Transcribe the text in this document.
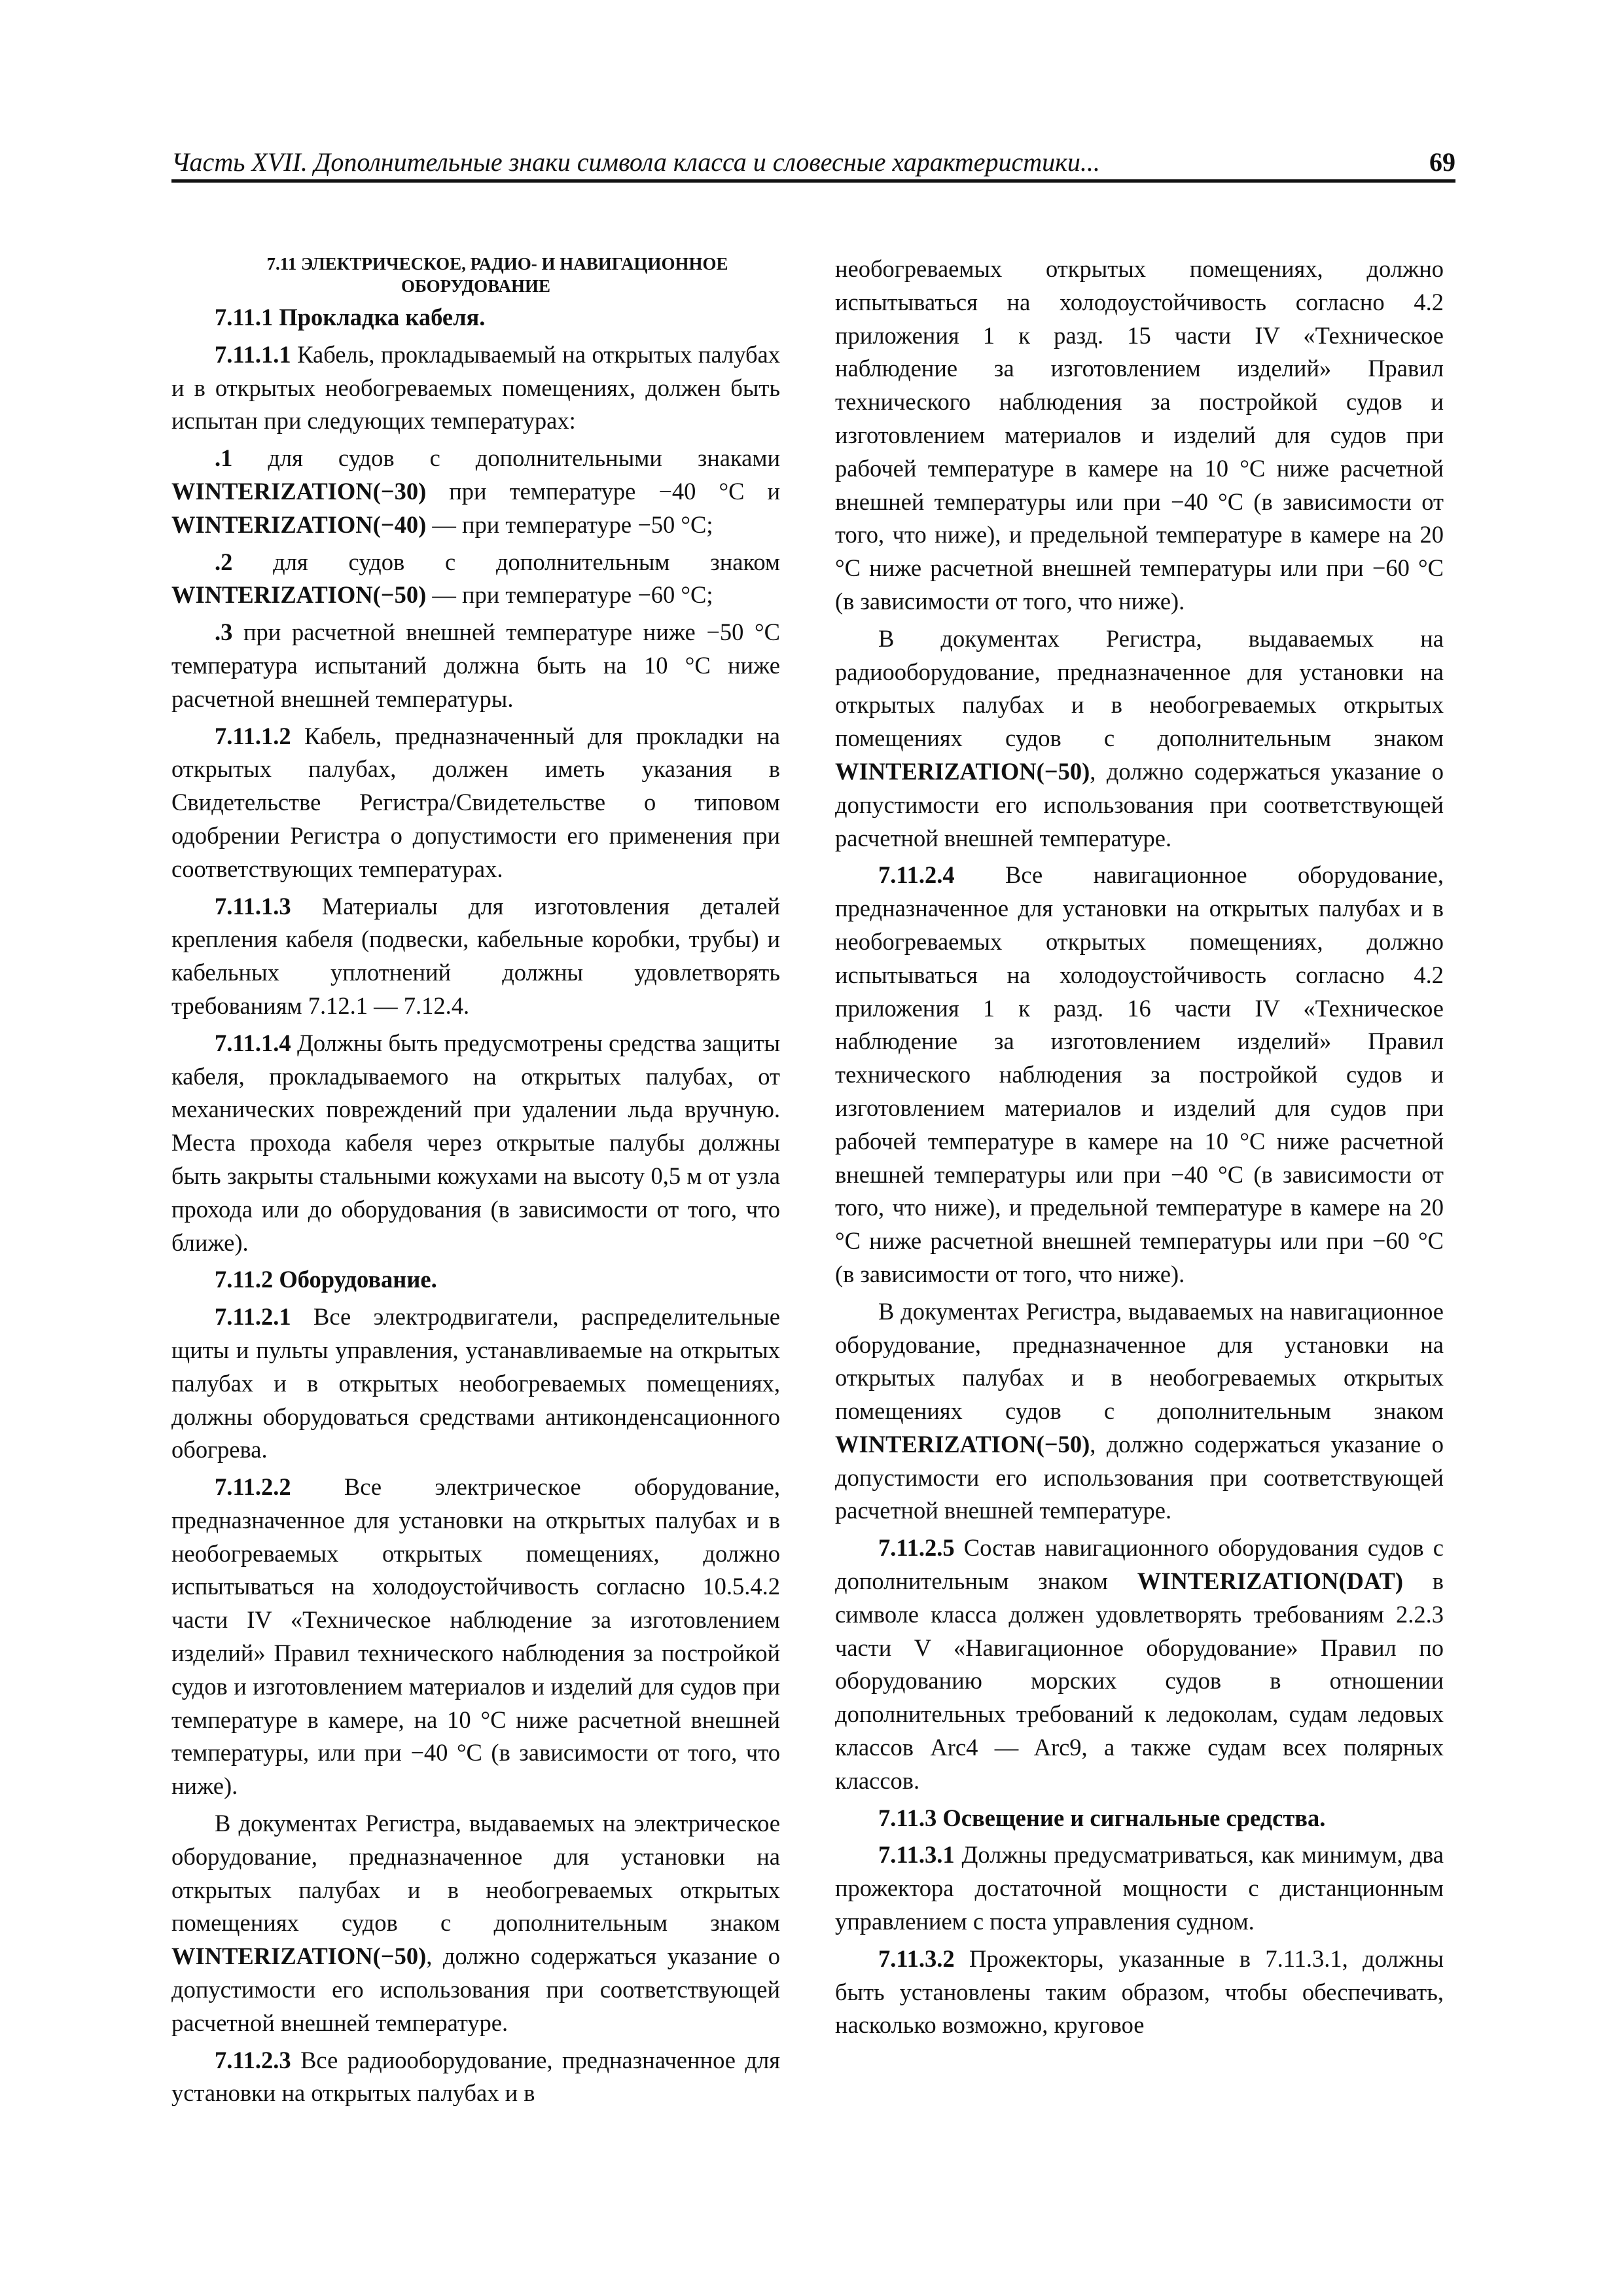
Часть XVII. Дополнительные знаки символа класса и словесные характеристики...	69

7.11 ЭЛЕКТРИЧЕСКОЕ, РАДИО- И НАВИГАЦИОННОЕ ОБОРУДОВАНИЕ

7.11.1 Прокладка кабеля.

7.11.1.1 Кабель, прокладываемый на открытых палубах и в открытых необогреваемых помещениях, должен быть испытан при следующих температурах:

.1 для судов с дополнительными знаками WINTERIZATION(−30) при температуре −40 °С и WINTERIZATION(−40) — при температуре −50 °С;

.2 для судов с дополнительным знаком WINTERIZATION(−50) — при температуре −60 °С;

.3 при расчетной внешней температуре ниже −50 °С температура испытаний должна быть на 10 °С ниже расчетной внешней температуры.

7.11.1.2 Кабель, предназначенный для прокладки на открытых палубах, должен иметь указания в Свидетельстве Регистра/Свидетельстве о типовом одобрении Регистра о допустимости его применения при соответствующих температурах.

7.11.1.3 Материалы для изготовления деталей крепления кабеля (подвески, кабельные коробки, трубы) и кабельных уплотнений должны удовлетворять требованиям 7.12.1 — 7.12.4.

7.11.1.4 Должны быть предусмотрены средства защиты кабеля, прокладываемого на открытых палубах, от механических повреждений при удалении льда вручную. Места прохода кабеля через открытые палубы должны быть закрыты стальными кожухами на высоту 0,5 м от узла прохода или до оборудования (в зависимости от того, что ближе).

7.11.2 Оборудование.

7.11.2.1 Все электродвигатели, распределительные щиты и пульты управления, устанавливаемые на открытых палубах и в открытых необогреваемых помещениях, должны оборудоваться средствами антиконденсационного обогрева.

7.11.2.2 Все электрическое оборудование, предназначенное для установки на открытых палубах и в необогреваемых открытых помещениях, должно испытываться на холодоустойчивость согласно 10.5.4.2 части IV «Техническое наблюдение за изготовлением изделий» Правил технического наблюдения за постройкой судов и изготовлением материалов и изделий для судов при температуре в камере, на 10 °С ниже расчетной внешней температуры, или при −40 °С (в зависимости от того, что ниже).

В документах Регистра, выдаваемых на электрическое оборудование, предназначенное для установки на открытых палубах и в необогреваемых открытых помещениях судов с дополнительным знаком WINTERIZATION(−50), должно содержаться указание о допустимости его использования при соответствующей расчетной внешней температуре.

7.11.2.3 Все радиооборудование, предназначенное для установки на открытых палубах и в

необогреваемых открытых помещениях, должно испытываться на холодоустойчивость согласно 4.2 приложения 1 к разд. 15 части IV «Техническое наблюдение за изготовлением изделий» Правил технического наблюдения за постройкой судов и изготовлением материалов и изделий для судов при рабочей температуре в камере на 10 °С ниже расчетной внешней температуры или при −40 °С (в зависимости от того, что ниже), и предельной температуре в камере на 20 °С ниже расчетной внешней температуры или при −60 °С (в зависимости от того, что ниже).

В документах Регистра, выдаваемых на радиооборудование, предназначенное для установки на открытых палубах и в необогреваемых открытых помещениях судов с дополнительным знаком WINTERIZATION(−50), должно содержаться указание о допустимости его использования при соответствующей расчетной внешней температуре.

7.11.2.4 Все навигационное оборудование, предназначенное для установки на открытых палубах и в необогреваемых открытых помещениях, должно испытываться на холодоустойчивость согласно 4.2 приложения 1 к разд. 16 части IV «Техническое наблюдение за изготовлением изделий» Правил технического наблюдения за постройкой судов и изготовлением материалов и изделий для судов при рабочей температуре в камере на 10 °С ниже расчетной внешней температуры или при −40 °С (в зависимости от того, что ниже), и предельной температуре в камере на 20 °С ниже расчетной внешней температуры или при −60 °С (в зависимости от того, что ниже).

В документах Регистра, выдаваемых на навигационное оборудование, предназначенное для установки на открытых палубах и в необогреваемых открытых помещениях судов с дополнительным знаком WINTERIZATION(−50), должно содержаться указание о допустимости его использования при соответствующей расчетной внешней температуре.

7.11.2.5 Состав навигационного оборудования судов с дополнительным знаком WINTERIZATION(DAT) в символе класса должен удовлетворять требованиям 2.2.3 части V «Навигационное оборудование» Правил по оборудованию морских судов в отношении дополнительных требований к ледоколам, судам ледовых классов Arc4 — Arc9, а также судам всех полярных классов.

7.11.3 Освещение и сигнальные средства.

7.11.3.1 Должны предусматриваться, как минимум, два прожектора достаточной мощности с дистанционным управлением с поста управления судном.

7.11.3.2 Прожекторы, указанные в 7.11.3.1, должны быть установлены таким образом, чтобы обеспечивать, насколько возможно, круговое
